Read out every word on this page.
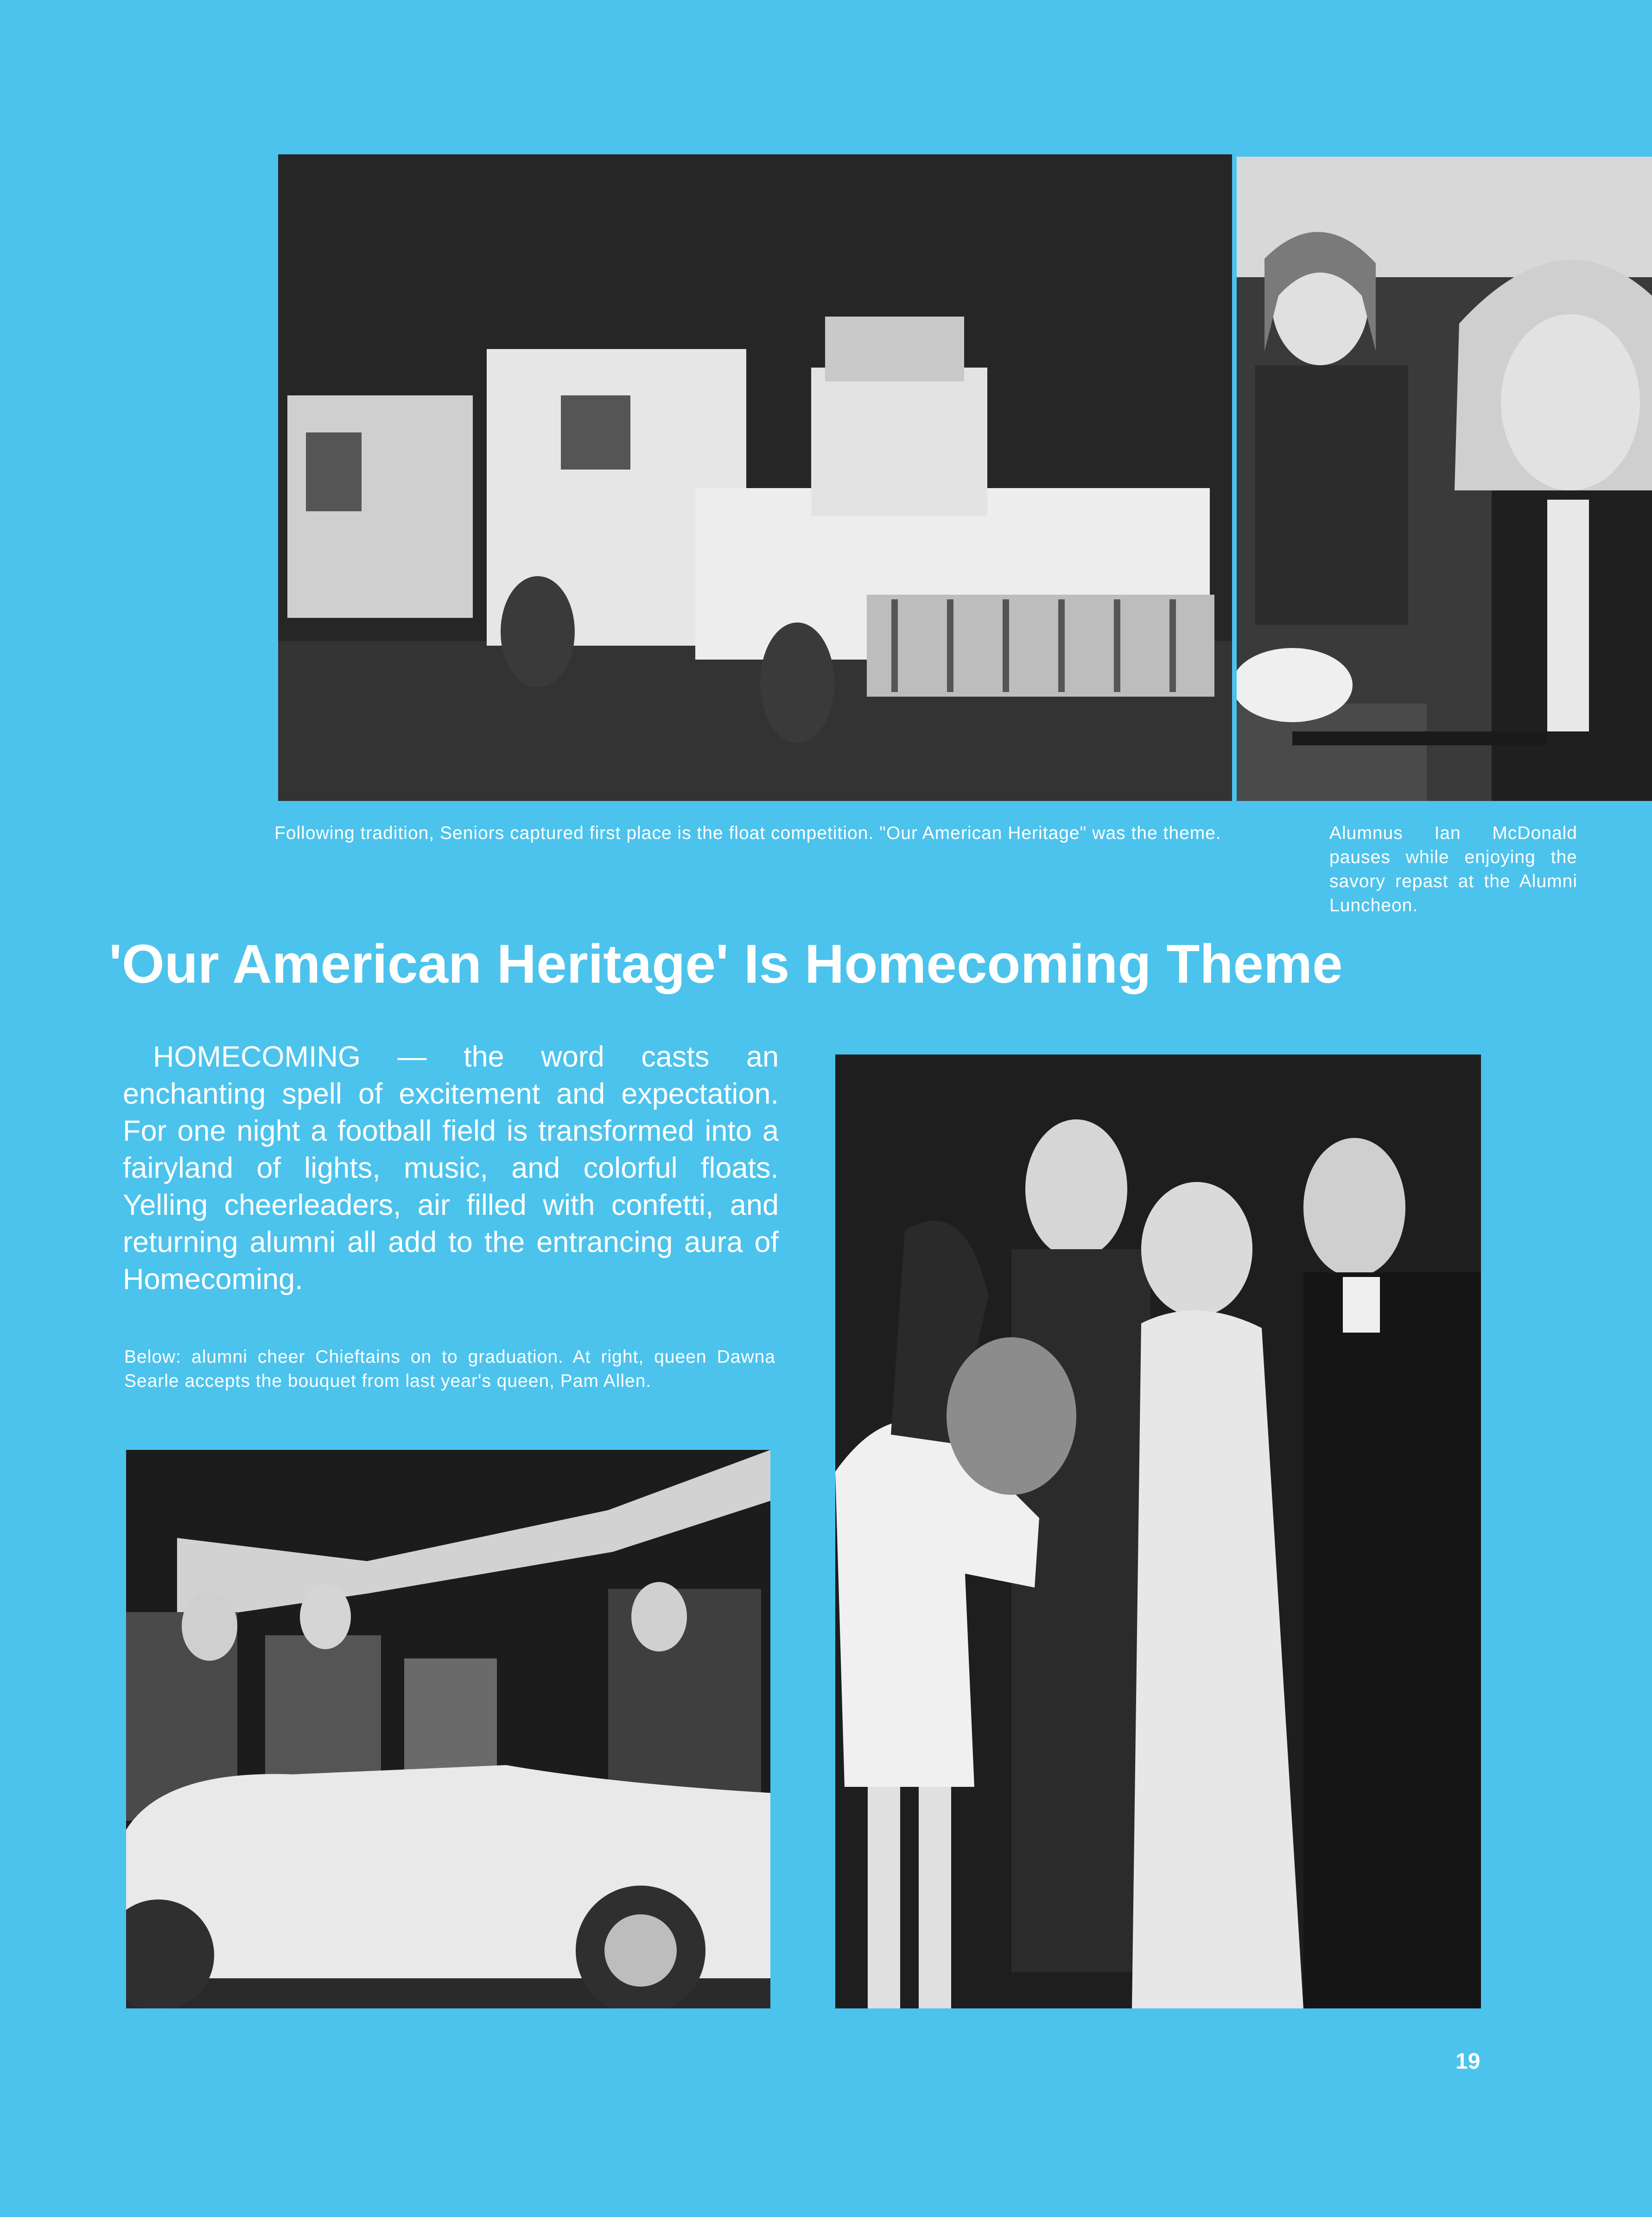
Following tradition, Seniors captured first place is the float competition. "Our American Heritage" was the theme.	Alumnus Ian McDonald pauses while enjoying the savory repast at the Alumni Luncheon.
'Our American Heritage' Is Homecoming Theme
HOMECOMING — the word casts an enchanting spell of excitement and expectation. For one night a football field is transformed into a fairyland of lights, music, and colorful floats. Yelling cheerleaders, air filled with confetti, and returning alumni all add to the entrancing aura of Homecoming.
Below: alumni cheer Chieftains on to graduation. At right, queen Dawna Searle accepts the bouquet from last year's queen, Pam Allen.
19
